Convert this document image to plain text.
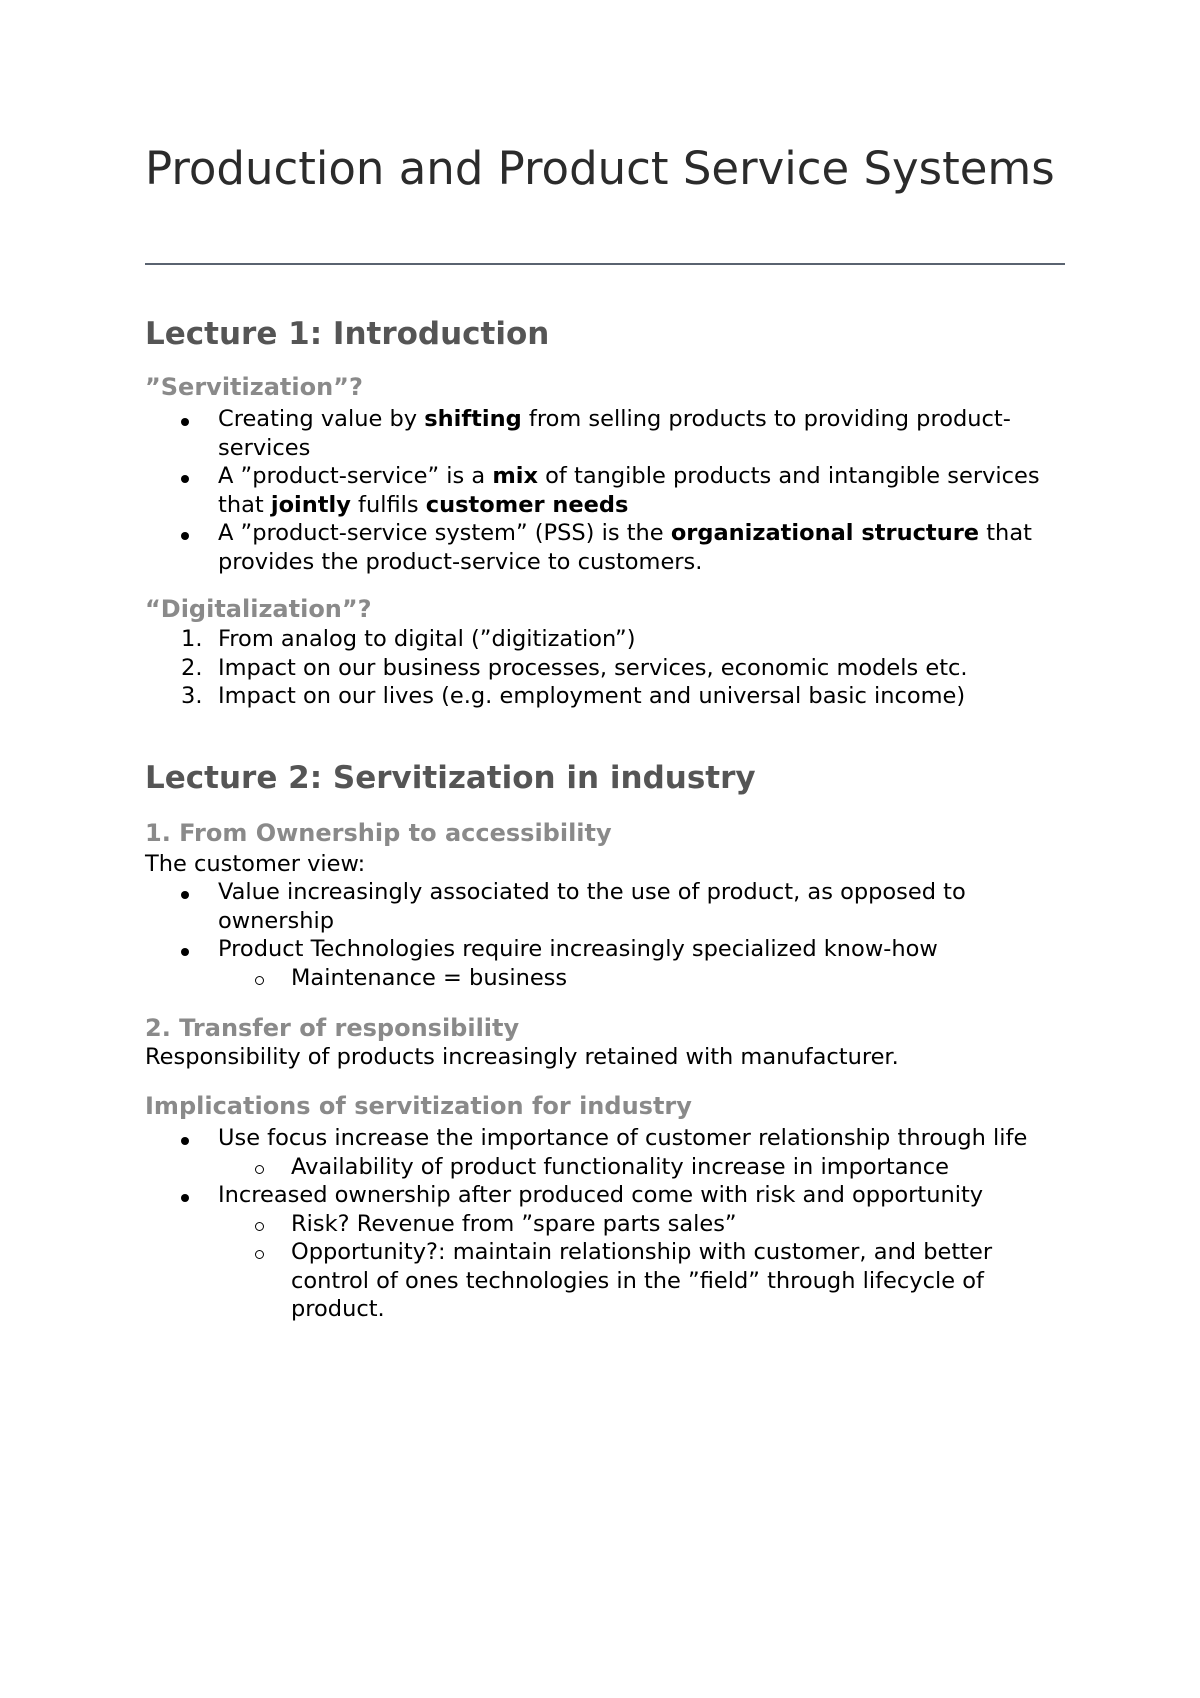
Production and Product Service Systems
Lecture 1: Introduction
”Servitization”?
Creating value by shifting from selling products to providing product-services
A ”product-service” is a mix of tangible products and intangible services that jointly fulfils customer needs
A ”product-service system” (PSS) is the organizational structure that provides the product-service to customers.
“Digitalization”?
1. From analog to digital (”digitization”)
2. Impact on our business processes, services, economic models etc.
3. Impact on our lives (e.g. employment and universal basic income)
Lecture 2: Servitization in industry
1. From Ownership to accessibility

The customer view:

Value increasingly associated to the use of product, as opposed to ownership
Product Technologies require increasingly specialized know-how
Maintenance = business
2. Transfer of responsibility

Responsibility of products increasingly retained with manufacturer.

Implications of servitization for industry
Use focus increase the importance of customer relationship through life
Availability of product functionality increase in importance
Increased ownership after produced come with risk and opportunity
Risk? Revenue from ”spare parts sales”
Opportunity?: maintain relationship with customer, and better control of ones technologies in the ”field” through lifecycle of product.
